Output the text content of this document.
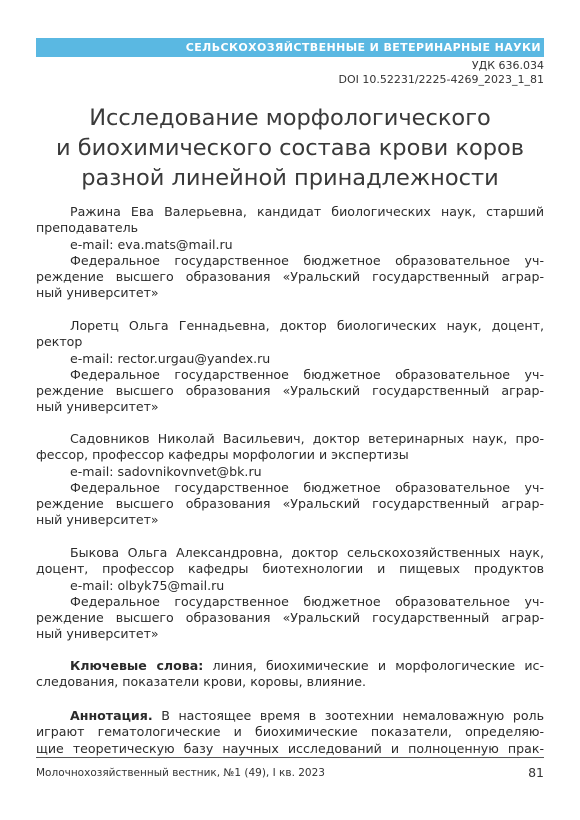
СЕЛЬСКОХОЗЯЙСТВЕННЫЕ И ВЕТЕРИНАРНЫЕ НАУКИ
УДК 636.034
DOI 10.52231/2225-4269_2023_1_81
Исследование морфологического
и биохимического состава крови коров
разной линейной принадлежности
Ражина Ева Валерьевна, кандидат биологических наук, старший
преподаватель
e-mail: eva.mats@mail.ru
Федеральное государственное бюджетное образовательное уч-
реждение высшего образования «Уральский государственный аграр-
ный университет»
Лоретц Ольга Геннадьевна, доктор биологических наук, доцент,
ректор
e-mail: rector.urgau@yandex.ru
Федеральное государственное бюджетное образовательное уч-
реждение высшего образования «Уральский государственный аграр-
ный университет»
Садовников Николай Васильевич, доктор ветеринарных наук, про-
фессор, профессор кафедры морфологии и экспертизы
e-mail: sadovnikovnvet@bk.ru
Федеральное государственное бюджетное образовательное уч-
реждение высшего образования «Уральский государственный аграр-
ный университет»
Быкова Ольга Александровна, доктор сельскохозяйственных наук,
доцент, профессор кафедры биотехнологии и пищевых продуктов
e-mail: olbyk75@mail.ru
Федеральное государственное бюджетное образовательное уч-
реждение высшего образования «Уральский государственный аграр-
ный университет»
Ключевые слова: линия, биохимические и морфологические ис-
следования, показатели крови, коровы, влияние.
Аннотация. В настоящее время в зоотехнии немаловажную роль
играют гематологические и биохимические показатели, определяю-
щие теоретическую базу научных исследований и полноценную прак-
Молочнохозяйственный вестник, №1 (49), I кв. 2023	81
